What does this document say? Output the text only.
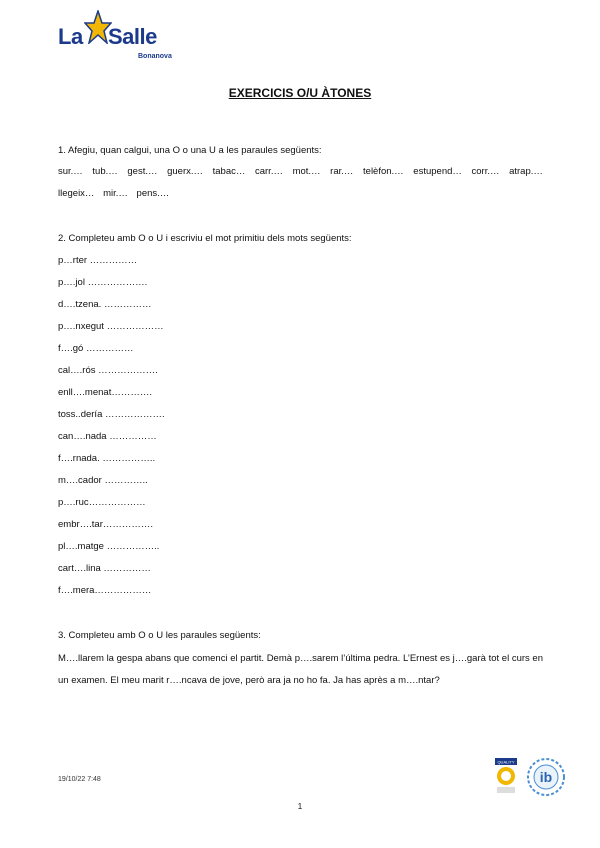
La Salle
Bonanova
EXERCICIS O/U ÀTONES
1. Afegiu, quan calgui, una O o una U a les paraules següents:
sur.… tub.… gest.… guerx.… tabac… carr.… mot.… rar.… telèfon.… estupend… corr.… atrap.…
llegeix… mir.… pens.…
2. Completeu amb O o U i escriviu el mot primitiu dels mots següents:
p…rter ……………
p….jol ……………….
d….tzena. ……………
p….nxegut ………………
f….gó ……………
cal….rós ……………….
enll….menat………….
toss..dería ……………….
can….nada ……………
f….rnada. ……………..
m….cador …………..
p….ruc………………
embr….tar…………….
pl….matge ……………..
cart….lina ……………
f….mera………………
3. Completeu amb O o U les paraules següents:
M….llarem la gespa abans que comenci el partit. Demà p….sarem l’última pedra. L’Ernest es j….garà tot el curs en un examen. El meu marit r….ncava de jove, però ara ja no ho fa. Ja has après a m….ntar?
19/10/22 7:48
1
QUALITY
ib
